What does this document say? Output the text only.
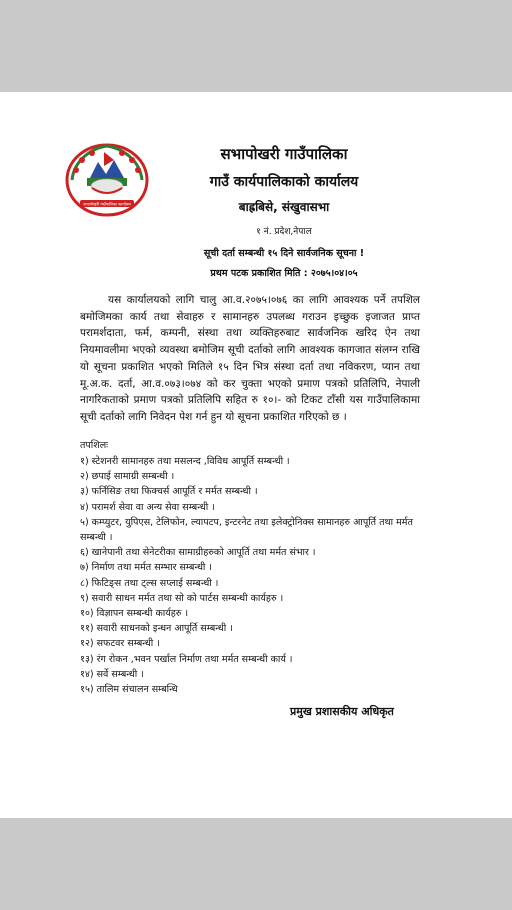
सभापोखरी गाउँपालिका कार्यालय
सभापोखरी गाउँपालिका
गाउँ कार्यपालिकाको कार्यालय
बाह्रबिसे, संखुवासभा
१ नं. प्रदेश,नेपाल
सूची दर्ता सम्बन्धी १५ दिने सार्वजनिक सूचना !
प्रथम पटक प्रकाशित मिति : २०७५।०४।०५
यस कार्यालयको लागि चालु आ.व.२०७५।०७६ का लागि आवश्यक पर्ने तपशिल बमोजिमका कार्य तथा सेवाहरु र सामानहरु उपलब्ध गराउन इच्छुक इजाजत प्राप्त परामर्शदाता, फर्म, कम्पनी, संस्था तथा व्यक्तिहरुबाट सार्वजनिक खरिद ऐन तथा नियमावलीमा भएको व्यवस्था बमोजिम सूची दर्ताको लागि आवश्यक कागजात संलग्न राखि यो सूचना प्रकाशित भएको मितिले १५ दिन भित्र संस्था दर्ता तथा नविकरण, प्यान तथा मू.अ.क. दर्ता, आ.व.०७३।०७४ को कर चुक्ता भएको प्रमाण पत्रको प्रतिलिपि, नेपाली नागरिकताको प्रमाण पत्रको प्रतिलिपि सहित रु १०।- को टिकट टाँसी यस गाउँपालिकामा सूची दर्ताको लागि निवेदन पेश गर्न हुन यो सूचना प्रकाशित गरिएको छ ।
तपशिलः
१) स्टेशनरी सामानहरु तथा मसलन्द ,विविध आपूर्ति सम्बन्धी ।
२) छपाई सामाग्री सम्बन्धी ।
३) फर्निसिङ तथा फिक्चर्स आपूर्ति र मर्मत सम्बन्धी ।
४) परामर्श सेवा वा अन्य सेवा सम्बन्धी ।
५) कम्प्युटर, युपिएस, टेलिफोन, ल्यापटप, इन्टरनेट तथा इलेक्ट्रोनिक्स सामानहरु आपूर्ति तथा मर्मत सम्बन्धी ।
६) खानेपानी तथा सेनेटरीका सामाग्रीहरुको आपूर्ति तथा मर्मत संभार ।
७) निर्माण तथा मर्मत सम्भार सम्बन्धी ।
८) फिटिङ्स तथा ट्ल्स सप्लाई सम्बन्धी ।
९) सवारी साधन मर्मत तथा सो को पार्टस सम्बन्धी कार्यहरु ।
१०) विज्ञापन सम्बन्धी कार्यहरु ।
११) सवारी साधनको इन्धन आपूर्ति सम्बन्धी ।
१२) सफटवर सम्बन्धी ।
१३) रंग रोकन ,भवन पर्खाल निर्माण तथा मर्मत सम्बन्धी कार्य ।
१४) सर्वे सम्बन्धी ।
१५) तालिम संचालन सम्बन्धि
प्रमुख प्रशासकीय अधिकृत
